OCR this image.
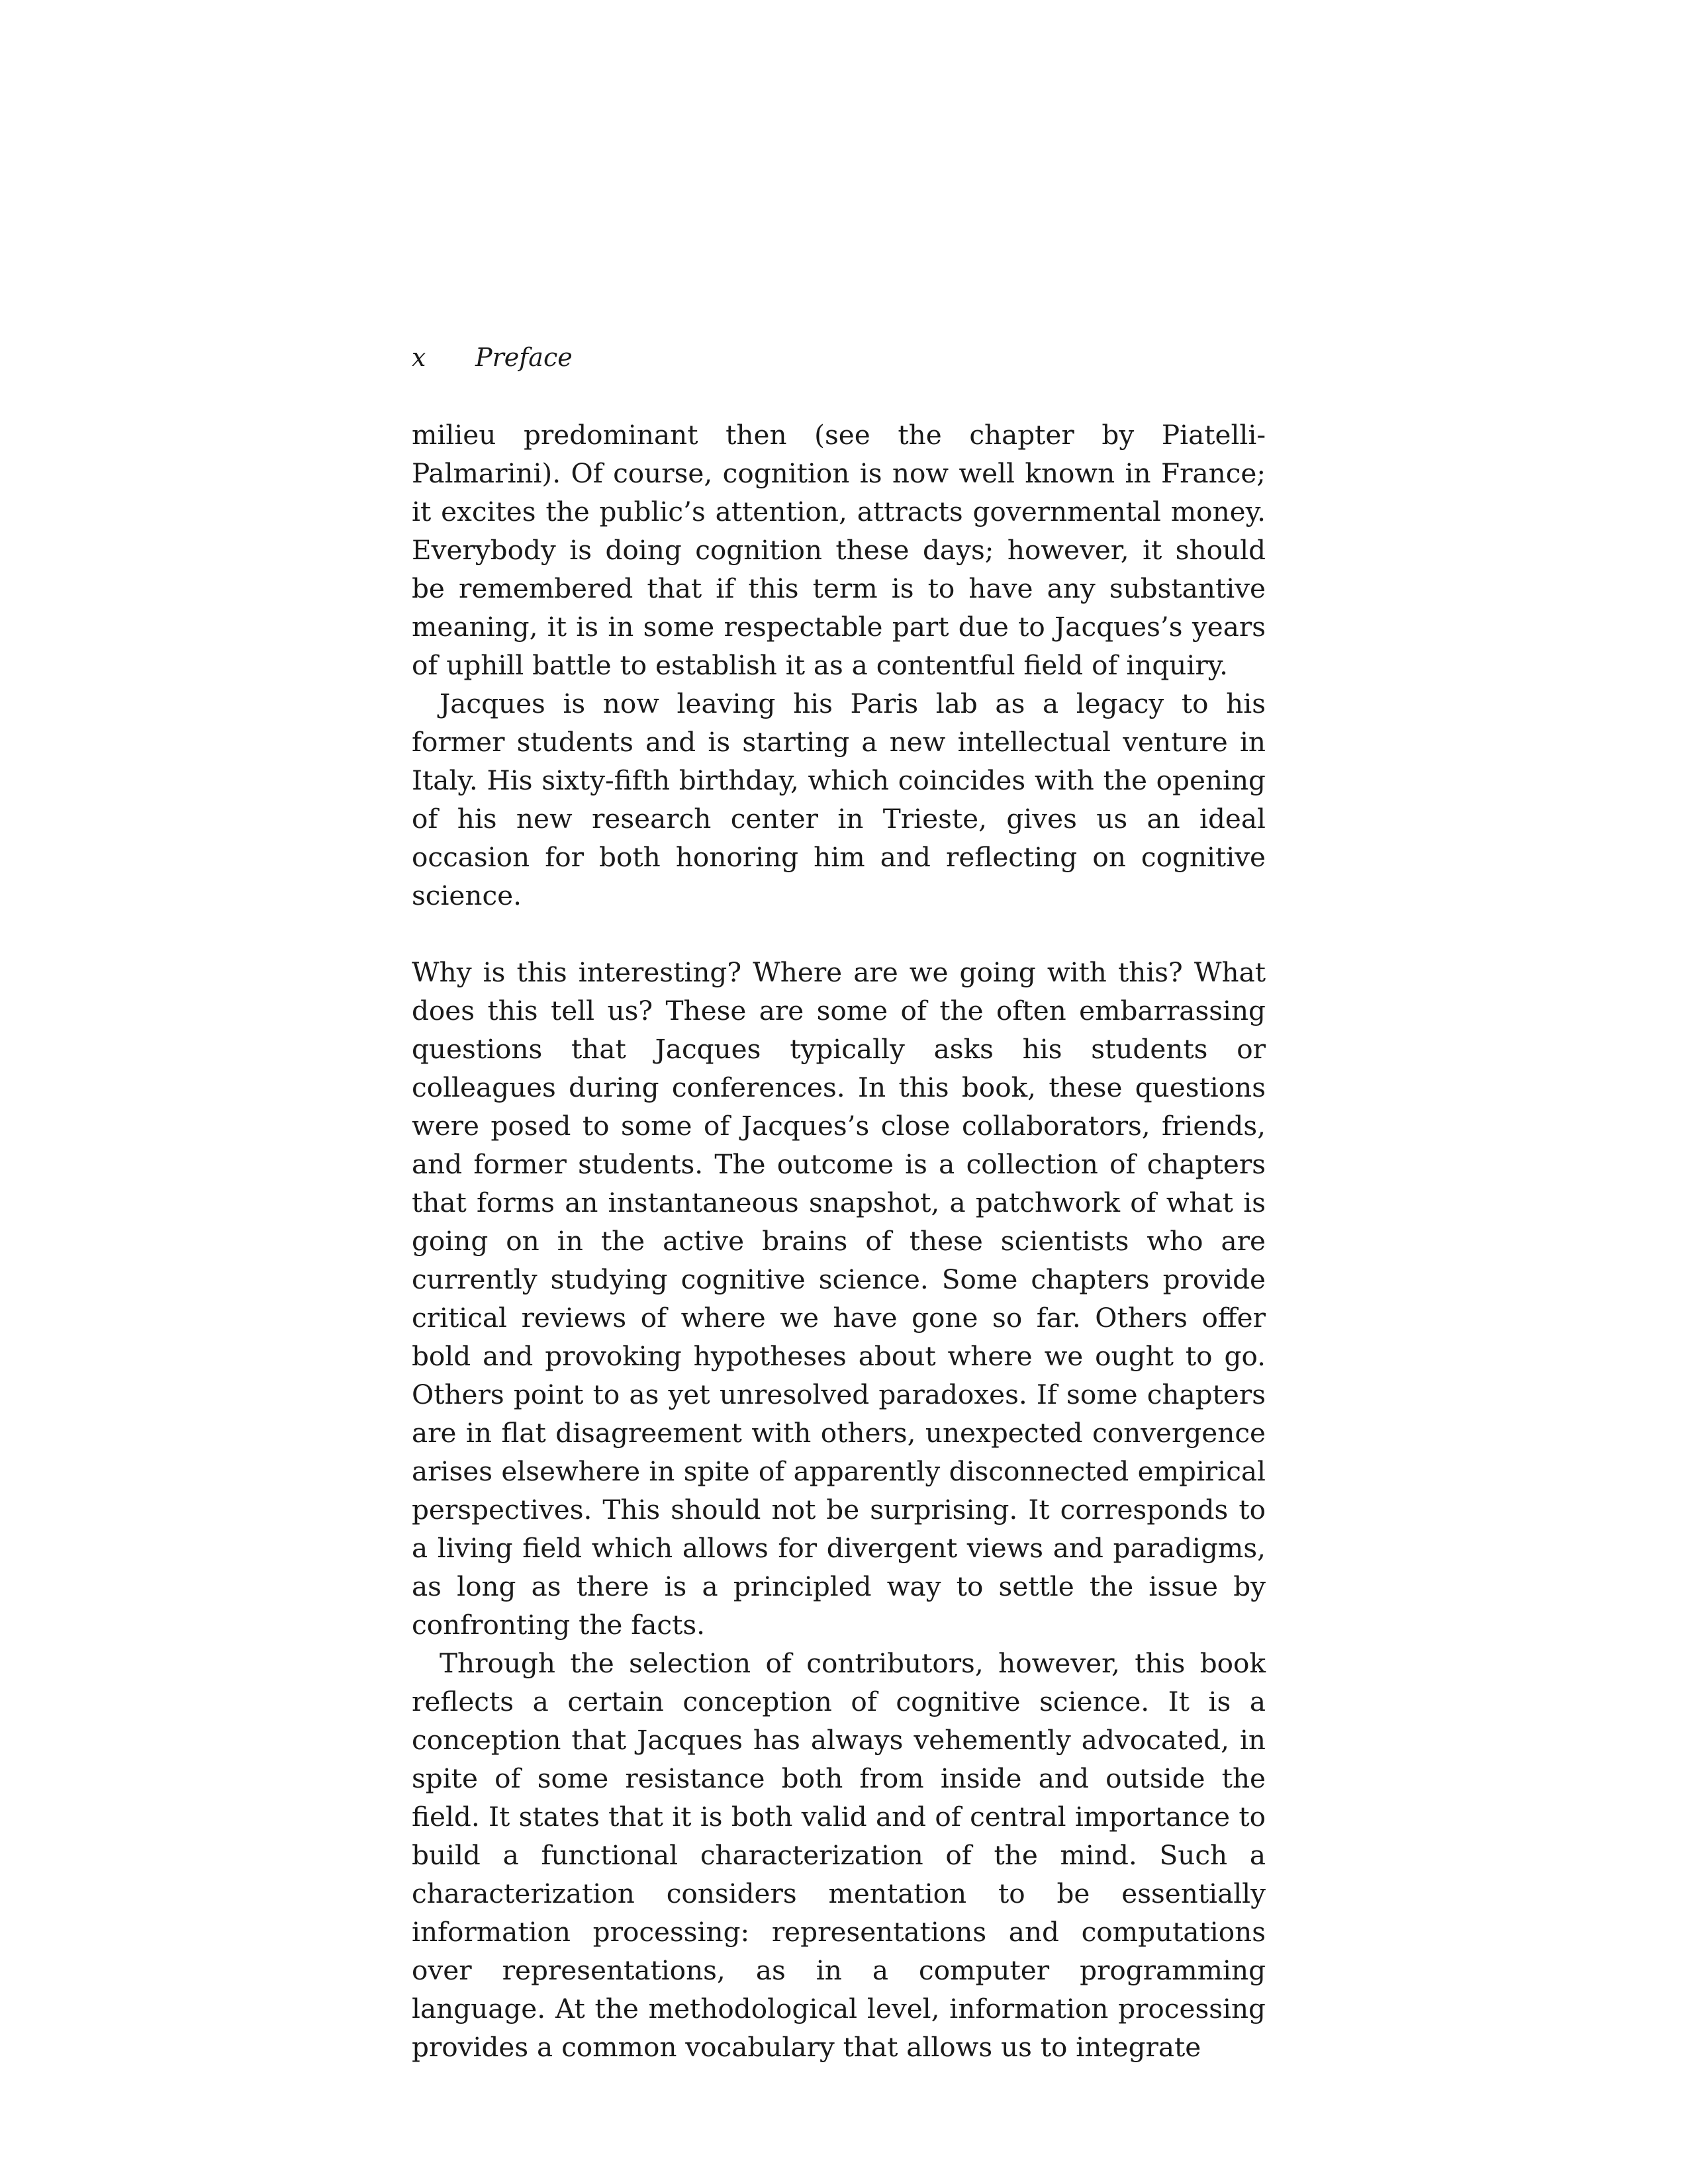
x Preface

milieu predominant then (see the chapter by Piatelli-Palmarini). Of course, cognition is now well known in France; it excites the public’s attention, attracts governmental money. Everybody is doing cognition these days; however, it should be remembered that if this term is to have any substantive meaning, it is in some respectable part due to Jacques’s years of uphill battle to establish it as a contentful field of inquiry.

Jacques is now leaving his Paris lab as a legacy to his former students and is starting a new intellectual venture in Italy. His sixty-fifth birthday, which coincides with the opening of his new research center in Trieste, gives us an ideal occasion for both honoring him and reflecting on cognitive science.

Why is this interesting? Where are we going with this? What does this tell us? These are some of the often embarrassing questions that Jacques typically asks his students or colleagues during conferences. In this book, these questions were posed to some of Jacques’s close collaborators, friends, and former students. The outcome is a collection of chapters that forms an instantaneous snapshot, a patchwork of what is going on in the active brains of these scientists who are currently studying cognitive science. Some chapters provide critical reviews of where we have gone so far. Others offer bold and provoking hypotheses about where we ought to go. Others point to as yet unresolved paradoxes. If some chapters are in flat disagreement with others, unexpected convergence arises elsewhere in spite of apparently disconnected empirical perspectives. This should not be surprising. It corresponds to a living field which allows for divergent views and paradigms, as long as there is a principled way to settle the issue by confronting the facts.

Through the selection of contributors, however, this book reflects a certain conception of cognitive science. It is a conception that Jacques has always vehemently advocated, in spite of some resistance both from inside and outside the field. It states that it is both valid and of central importance to build a functional characterization of the mind. Such a characterization considers mentation to be essentially information processing: representations and computations over representations, as in a computer programming language. At the methodological level, information processing provides a common vocabulary that allows us to integrate
